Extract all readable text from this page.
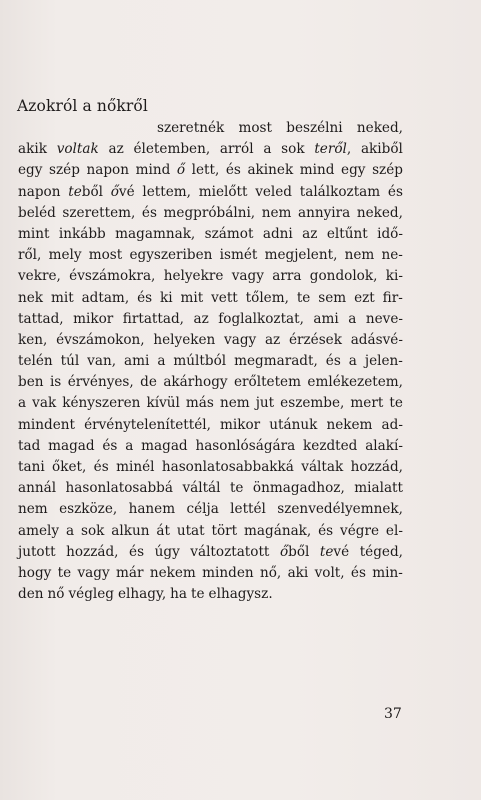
Azokról a nőkről
szeretnék most beszélni neked,
akik voltak az életemben, arról a sok teről, akiből
egy szép napon mind ő lett, és akinek mind egy szép
napon teből ővé lettem, mielőtt veled találkoztam és
beléd szerettem, és megpróbálni, nem annyira neked,
mint inkább magamnak, számot adni az eltűnt idő-
ről, mely most egyszeriben ismét megjelent, nem ne-
vekre, évszámokra, helyekre vagy arra gondolok, ki-
nek mit adtam, és ki mit vett tőlem, te sem ezt fir-
tattad, mikor firtattad, az foglalkoztat, ami a neve-
ken, évszámokon, helyeken vagy az érzések adásvé-
telén túl van, ami a múltból megmaradt, és a jelen-
ben is érvényes, de akárhogy erőltetem emlékezetem,
a vak kényszeren kívül más nem jut eszembe, mert te
mindent érvénytelenítettél, mikor utánuk nekem ad-
tad magad és a magad hasonlóságára kezdted alakí-
tani őket, és minél hasonlatosabbakká váltak hozzád,
annál hasonlatosabbá váltál te önmagadhoz, mialatt
nem eszköze, hanem célja lettél szenvedélyemnek,
amely a sok alkun át utat tört magának, és végre el-
jutott hozzád, és úgy változtatott őből tevé téged,
hogy te vagy már nekem minden nő, aki volt, és min-
den nő végleg elhagy, ha te elhagysz.
37
